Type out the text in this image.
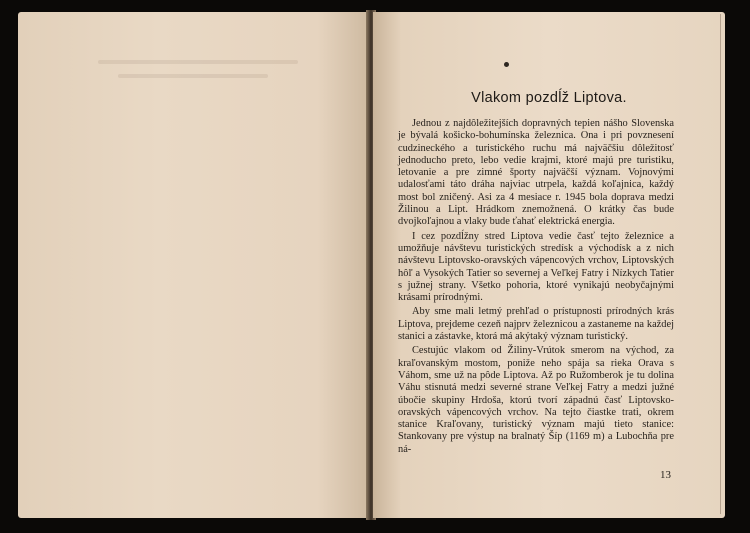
Vlakom pozdĺž Liptova.

Jednou z najdôležitejších dopravných tepien nášho Slovenska je bývalá košicko-bohumínska železnica. Ona i pri povznesení cudzineckého a turistického ruchu má najväčšiu dôležitosť jednoducho preto, lebo vedie krajmi, ktoré majú pre turistiku, letovanie a pre zimné športy najväčší význam. Vojnovými udalosťami táto dráha najviac utrpela, každá koľajnica, každý most bol zničený. Asi za 4 mesiace r. 1945 bola doprava medzi Žilinou a Lipt. Hrádkom znemožnená. O krátky čas bude dvojkoľajnou a vlaky bude ťahať elektrická energia.

I cez pozdĺžny stred Liptova vedie časť tejto železnice a umožňuje návštevu turistických stredísk a východísk a z nich návštevu Liptovsko-oravských vápencových vrchov, Liptovských hôľ a Vysokých Tatier so severnej a Veľkej Fatry i Nízkych Tatier s južnej strany. Všetko pohoria, ktoré vynikajú neobyčajnými krásami prírodnými.

Aby sme mali letmý prehľad o prístupnosti prírodných krás Liptova, prejdeme cezeň najprv železnicou a zastaneme na každej stanici a zástavke, ktorá má akýtaký význam turistický.

Cestujúc vlakom od Žiliny-Vrútok smerom na východ, za kraľovanským mostom, poniže neho spája sa rieka Orava s Váhom, sme už na pôde Liptova. Až po Ružomberok je tu dolina Váhu stisnutá medzi severné strane Veľkej Fatry a medzi južné úbočie skupiny Hrdoša, ktorú tvorí západnú časť Liptovsko-oravských vápencových vrchov. Na tejto čiastke trati, okrem stanice Kraľovany, turistický význam majú tieto stanice: Stankovany pre výstup na bralnatý Šíp (1169 m) a Lubochňa pre ná-

13
